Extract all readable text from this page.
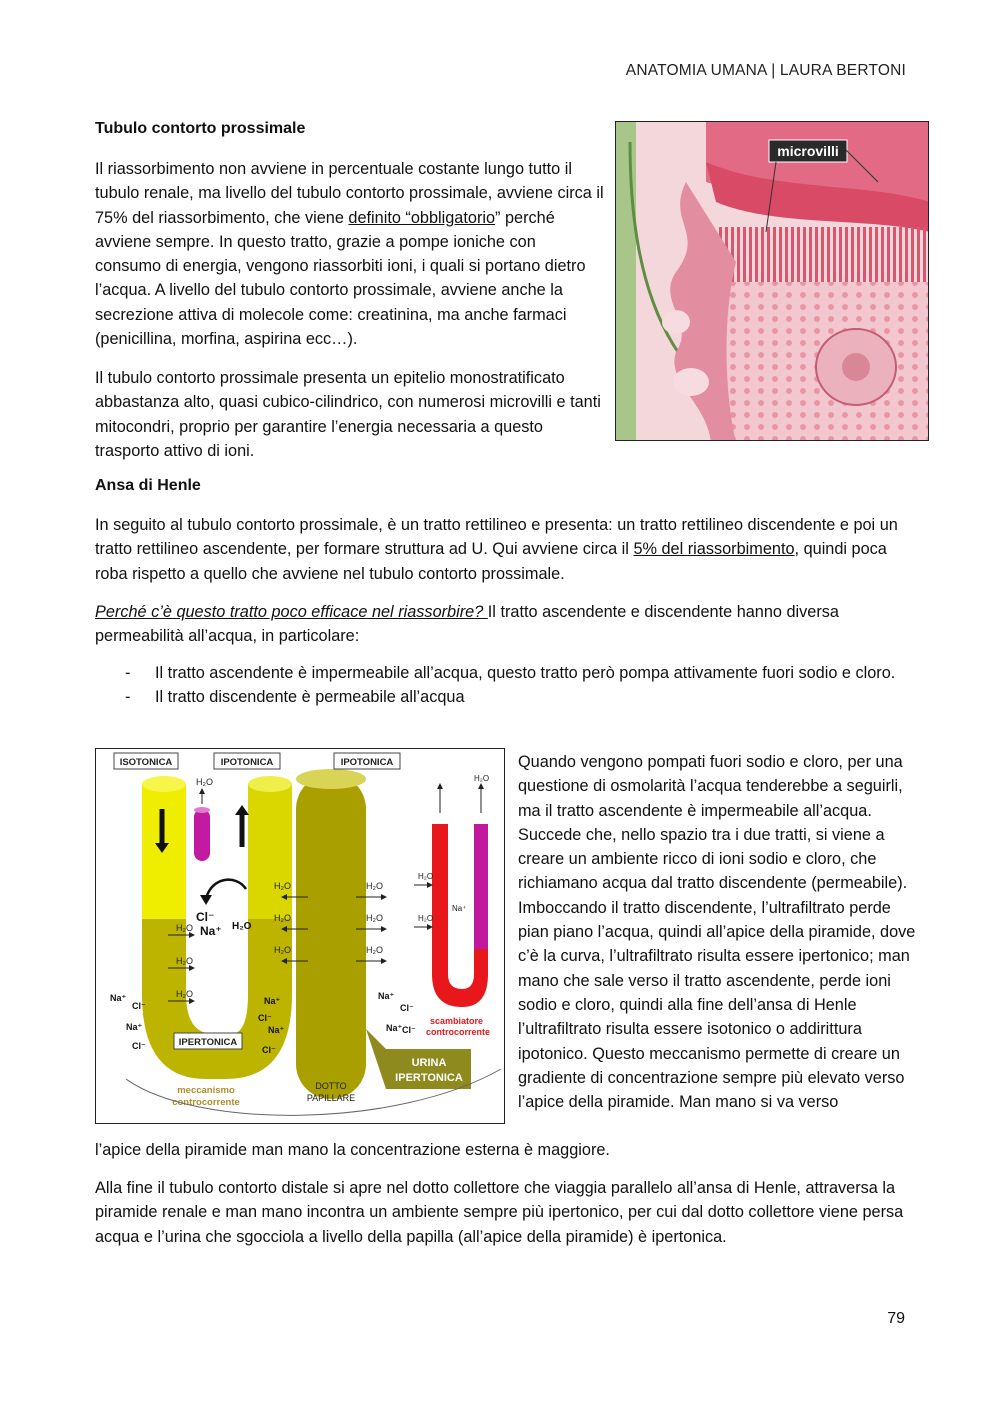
ANATOMIA UMANA | LAURA BERTONI
Tubulo contorto prossimale
Il riassorbimento non avviene in percentuale costante lungo tutto il tubulo renale, ma livello del tubulo contorto prossimale, avviene circa il 75% del riassorbimento, che viene definito “obbligatorio” perché avviene sempre. In questo tratto, grazie a pompe ioniche con consumo di energia, vengono riassorbiti ioni, i quali si portano dietro l’acqua. A livello del tubulo contorto prossimale, avviene anche la secrezione attiva di molecole come: creatinina, ma anche farmaci (penicillina, morfina, aspirina ecc…).
Il tubulo contorto prossimale presenta un epitelio monostratificato abbastanza alto, quasi cubico-cilindrico, con numerosi microvilli e tanti mitocondri, proprio per garantire l’energia necessaria a questo trasporto attivo di ioni.
microvilli
Ansa di Henle
In seguito al tubulo contorto prossimale, è un tratto rettilineo e presenta: un tratto rettilineo discendente e poi un tratto rettilineo ascendente, per formare struttura ad U. Qui avviene circa il 5% del riassorbimento, quindi poca roba rispetto a quello che avviene nel tubulo contorto prossimale.
Perché c’è questo tratto poco efficace nel riassorbire? Il tratto ascendente e discendente hanno diversa permeabilità all’acqua, in particolare:
- Il tratto ascendente è impermeabile all’acqua, questo tratto però pompa attivamente fuori sodio e cloro.
- Il tratto discendente è permeabile all’acqua
H₂O
ISOTONICA	IPOTONICA	IPOTONICA
Cl⁻
Na⁺ H₂O
H₂O
H₂O
H₂O
Na⁺
Cl⁻
Na⁺
Cl⁻
Na⁺
Cl⁻
Na⁺
Cl⁻
H₂O
H₂O
H₂O
H₂O
H₂O
H₂O
Na⁺
Cl⁻
Na⁺ Cl⁻
H₂O
H₂O
H₂O
Na⁺
scambiatore
controcorrente
IPERTONICA
URINA
IPERTONICA
meccanismo
controcorrente
DOTTO
PAPILLARE
Quando vengono pompati fuori sodio e cloro, per una questione di osmolarità l’acqua tenderebbe a seguirli, ma il tratto ascendente è impermeabile all’acqua. Succede che, nello spazio tra i due tratti, si viene a creare un ambiente ricco di ioni sodio e cloro, che richiamano acqua dal tratto discendente (permeabile). Imboccando il tratto discendente, l’ultrafiltrato perde pian piano l’acqua, quindi all’apice della piramide, dove c’è la curva, l’ultrafiltrato risulta essere ipertonico; man mano che sale verso il tratto ascendente, perde ioni sodio e cloro, quindi alla fine dell’ansa di Henle l’ultrafiltrato risulta essere isotonico o addirittura ipotonico. Questo meccanismo permette di creare un gradiente di concentrazione sempre più elevato verso l’apice della piramide. Man mano si va verso
l’apice della piramide man mano la concentrazione esterna è maggiore.
Alla fine il tubulo contorto distale si apre nel dotto collettore che viaggia parallelo all’ansa di Henle, attraversa la piramide renale e man mano incontra un ambiente sempre più ipertonico, per cui dal dotto collettore viene persa acqua e l’urina che sgocciola a livello della papilla (all’apice della piramide) è ipertonica.
79
